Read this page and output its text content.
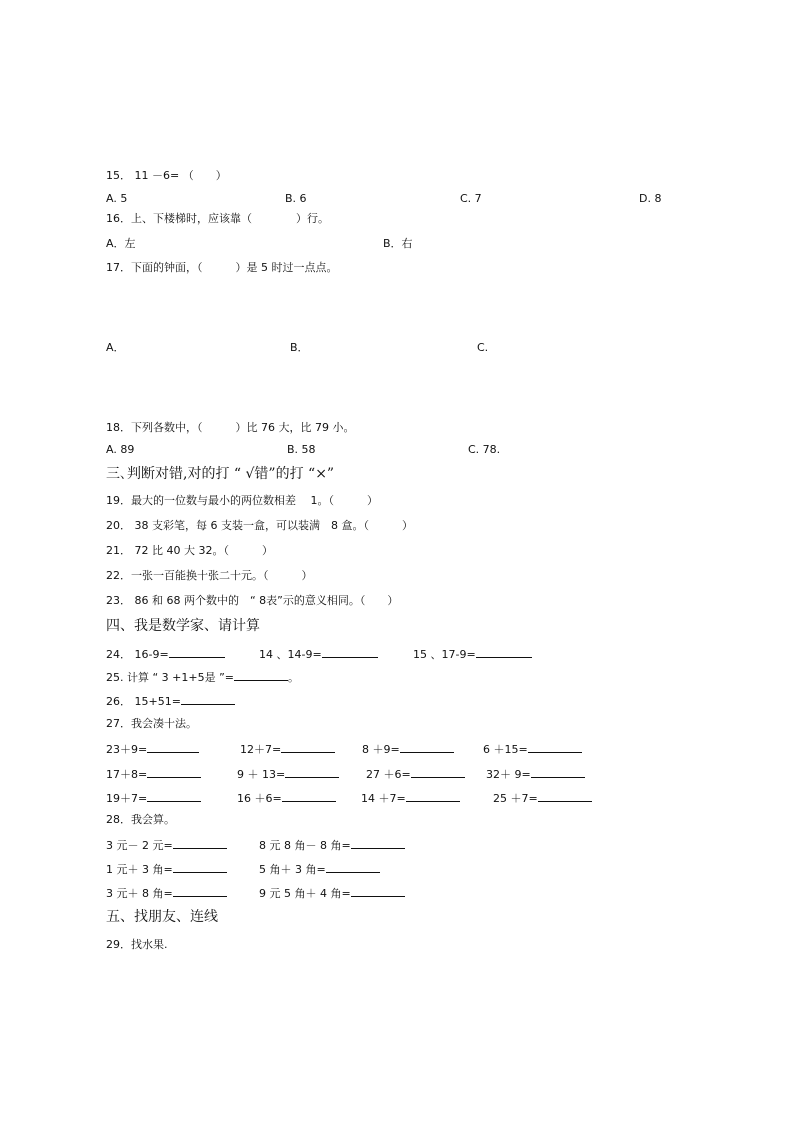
15． 11 －6= （　　）
A. 5	B. 6	C. 7	D. 8
16．上、下楼梯时，应该靠（　　　　）行。
A．左	B．右
17．下面的钟面，（　　　）是 5 时过一点点。
A．	B．	C.
18．下列各数中，（　　　）比 76 大，比 79 小。
A. 89	B. 58	C. 78.
三､判断对错,对的打 “ √错”的打 “×”
19．最大的一位数与最小的两位数相差　 1。（　　　）
20． 38 支彩笔，每 6 支装一盒，可以装满　8 盒。（　　　）
21． 72 比 40 大 32。（　　　）
22．一张一百能换十张二十元。（　　　）
23． 86 和 68 两个数中的　“ 8表”示的意义相同。（　　）
四、我是数学家、请计算
24． 16-9=	14 、14-9=	15 、17-9=
25. 计算 “ 3 +1+5是 ”=	。
26． 15+51=
27．我会凑十法。
23＋9=	12＋7=	8 ＋9=	6 ＋15=
17＋8=	9 ＋ 13=	27 ＋6=	32＋ 9=
19＋7=	16 ＋6=	14 ＋7=	25 ＋7=
28．我会算。
3 元－ 2 元=	8 元 8 角－ 8 角=
1 元＋ 3 角=	5 角＋ 3 角=
3 元＋ 8 角=	9 元 5 角＋ 4 角=
五、找朋友、连线
29．找水果.
